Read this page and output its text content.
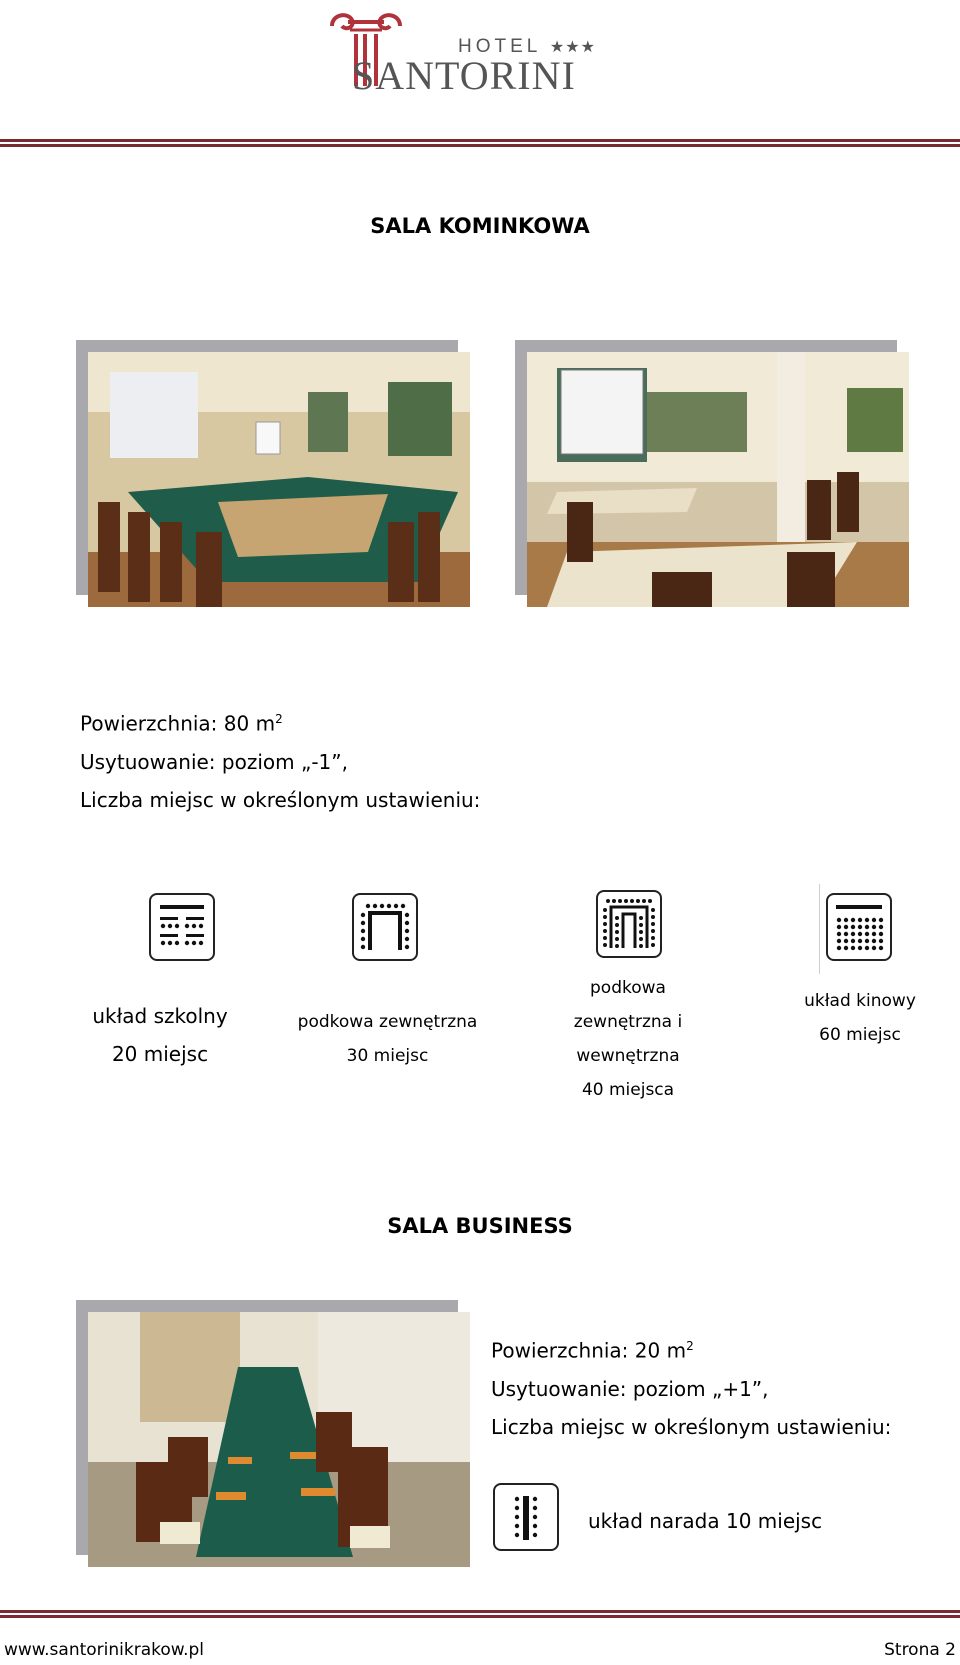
HOTEL ★★★
SANTORINI
SALA KOMINKOWA
Powierzchnia: 80 $m^2$
Usytuowanie: poziom „-1”,
Liczba miejsc w określonym ustawieniu:
układ szkolny
20 miejsc
podkowa zewnętrzna
30 miejsc
podkowa
zewnętrzna i
wewnętrzna
40 miejsca
układ kinowy
60 miejsc
SALA BUSINESS
Powierzchnia: 20 $m^2$
Usytuowanie: poziom „+1”,
Liczba miejsc w określonym ustawieniu:
układ narada 10 miejsc
www.santorinikrakow.pl	Strona 2
